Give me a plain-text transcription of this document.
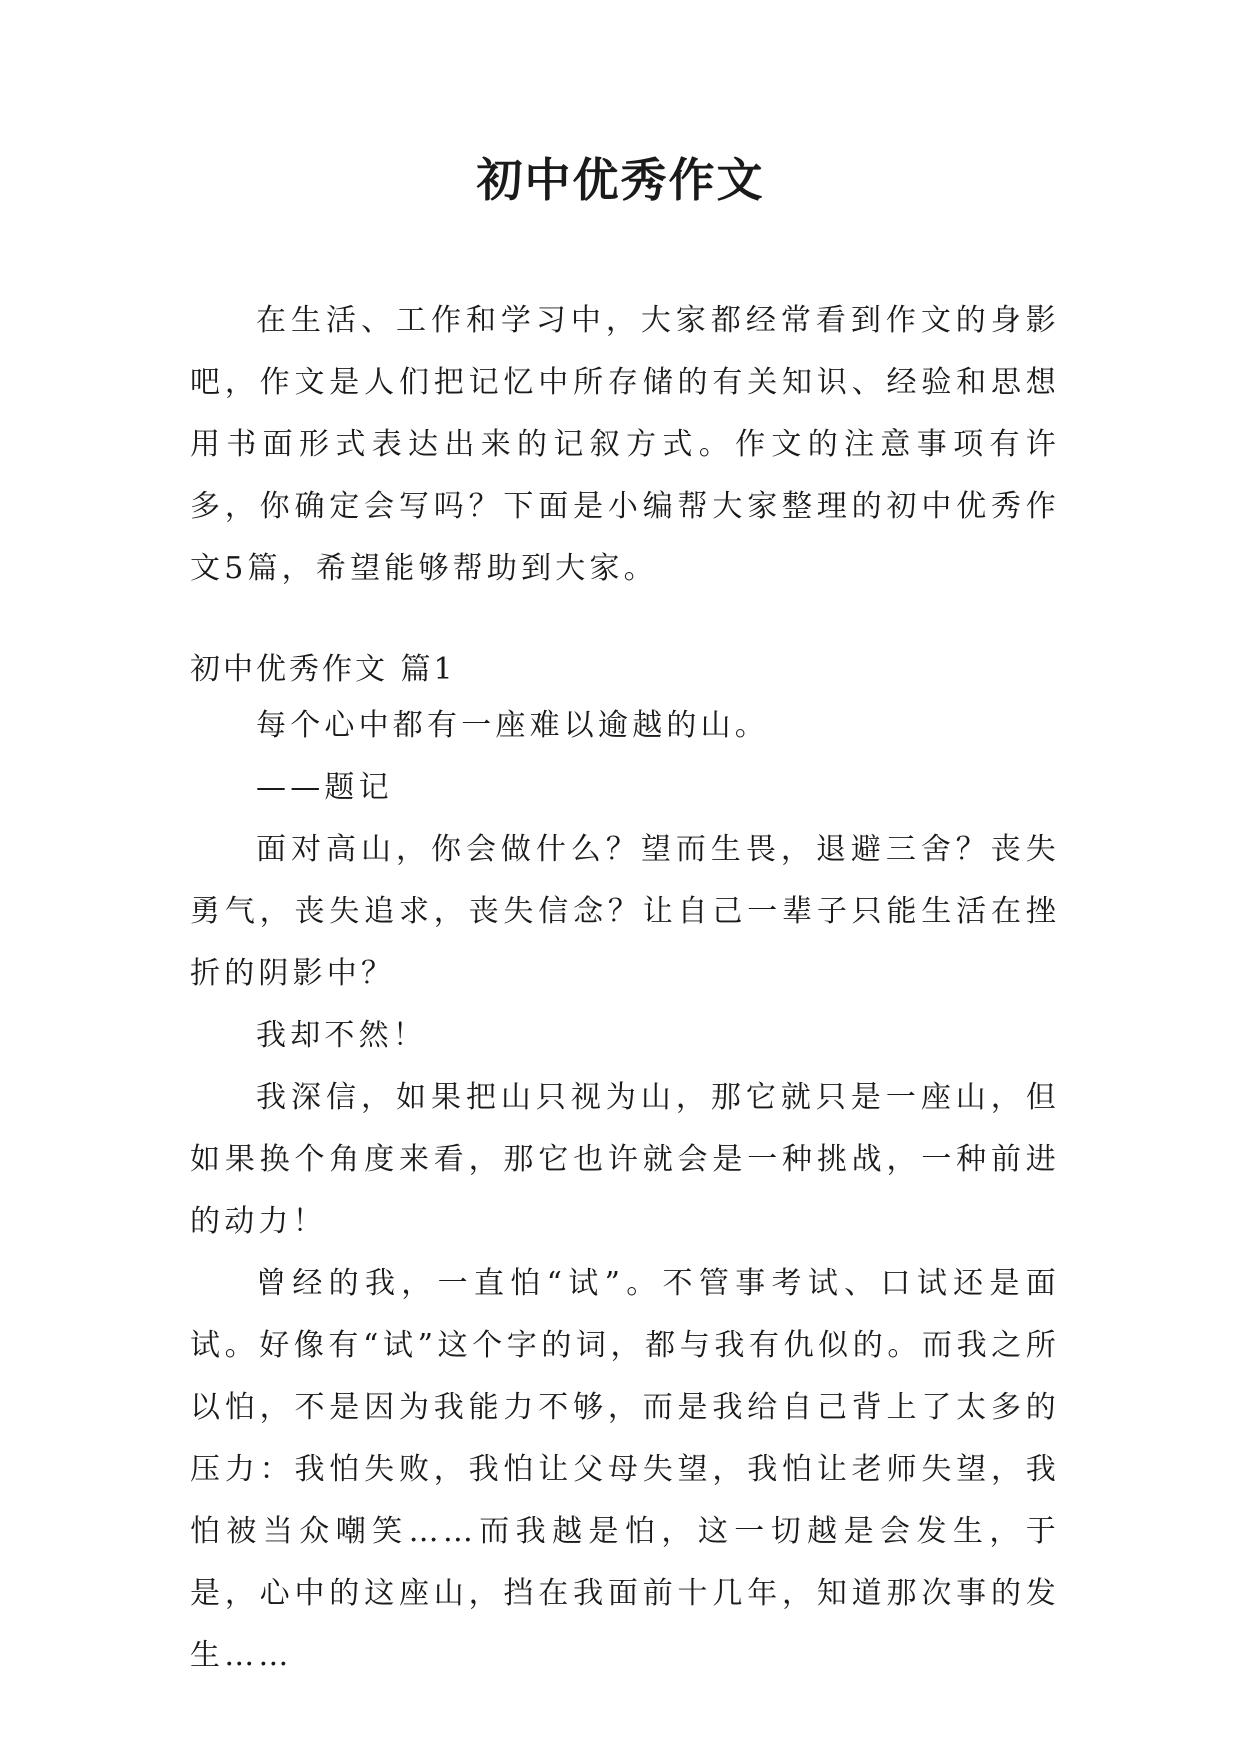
初中优秀作文

在生活、工作和学习中，大家都经常看到作文的身影吧，作文是人们把记忆中所存储的有关知识、经验和思想用书面形式表达出来的记叙方式。作文的注意事项有许多，你确定会写吗？下面是小编帮大家整理的初中优秀作文5篇，希望能够帮助到大家。

初中优秀作文 篇1

每个心中都有一座难以逾越的山。

——题记

面对高山，你会做什么？望而生畏，退避三舍？丧失勇气，丧失追求，丧失信念？让自己一辈子只能生活在挫折的阴影中？

我却不然！

我深信，如果把山只视为山，那它就只是一座山，但如果换个角度来看，那它也许就会是一种挑战，一种前进的动力！

曾经的我，一直怕“试”。不管事考试、口试还是面试。好像有“试”这个字的词，都与我有仇似的。而我之所以怕，不是因为我能力不够，而是我给自己背上了太多的压力：我怕失败，我怕让父母失望，我怕让老师失望，我怕被当众嘲笑……而我越是怕，这一切越是会发生，于是，心中的这座山，挡在我面前十几年，知道那次事的发生……
